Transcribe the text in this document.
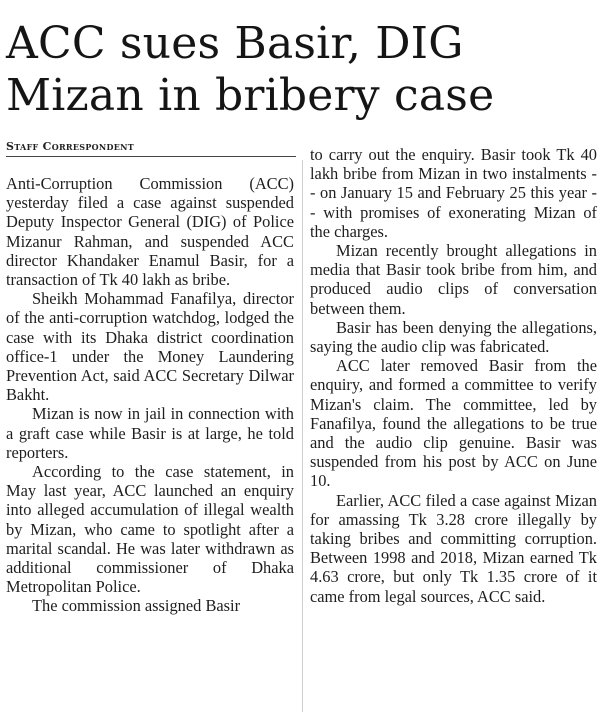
ACC sues Basir, DIG Mizan in bribery case
Staff Correspondent

Anti-Corruption Commission (ACC) yesterday filed a case against suspended Deputy Inspector General (DIG) of Police Mizanur Rahman, and suspended ACC director Khandaker Enamul Basir, for a transaction of Tk 40 lakh as bribe.

Sheikh Mohammad Fanafilya, director of the anti-corruption watchdog, lodged the case with its Dhaka district coordination office-1 under the Money Laundering Prevention Act, said ACC Secretary Dilwar Bakht.

Mizan is now in jail in connection with a graft case while Basir is at large, he told reporters.

According to the case statement, in May last year, ACC launched an enquiry into alleged accumulation of illegal wealth by Mizan, who came to spotlight after a marital scandal. He was later withdrawn as additional commissioner of Dhaka Metropolitan Police.

The commission assigned Basir

to carry out the enquiry. Basir took Tk 40 lakh bribe from Mizan in two instalments -- on January 15 and February 25 this year -- with promises of exonerating Mizan of the charges.

Mizan recently brought allegations in media that Basir took bribe from him, and produced audio clips of conversation between them.

Basir has been denying the allegations, saying the audio clip was fabricated.

ACC later removed Basir from the enquiry, and formed a committee to verify Mizan's claim. The committee, led by Fanafilya, found the allegations to be true and the audio clip genuine. Basir was suspended from his post by ACC on June 10.

Earlier, ACC filed a case against Mizan for amassing Tk 3.28 crore illegally by taking bribes and committing corruption. Between 1998 and 2018, Mizan earned Tk 4.63 crore, but only Tk 1.35 crore of it came from legal sources, ACC said.
